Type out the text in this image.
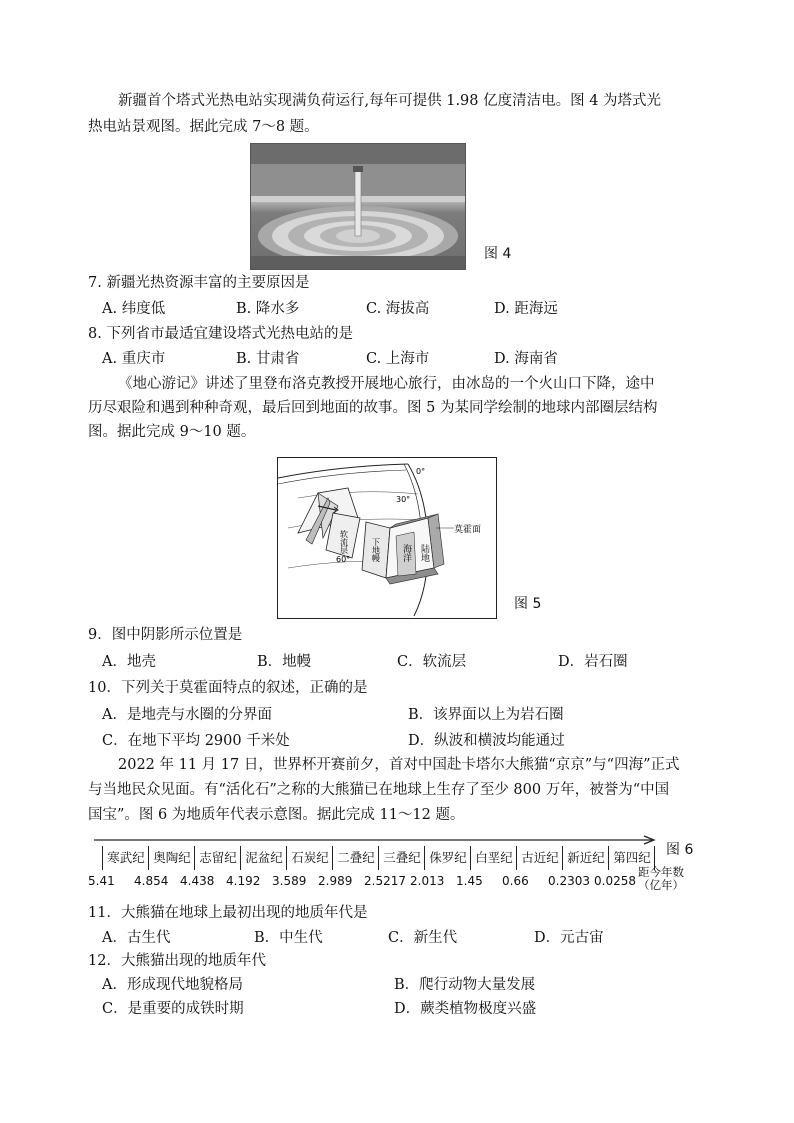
新疆首个塔式光热电站实现满负荷运行,每年可提供 1.98 亿度清洁电。图 4 为塔式光
热电站景观图。据此完成 7～8 题。
图 4
7. 新疆光热资源丰富的主要原因是
A. 纬度低	B. 降水多	C. 海拔高	D. 距海远
8. 下列省市最适宜建设塔式光热电站的是
A. 重庆市	B. 甘肃省	C. 上海市	D. 海南省
《地心游记》讲述了里登布洛克教授开展地心旅行，由冰岛的一个火山口下降，途中
历尽艰险和遇到种种奇观，最后回到地面的故事。图 5 为某同学绘制的地球内部圈层结构
图。据此完成 9～10 题。
0°
30°
60°
莫霍面
软流层	下地幔 海洋 陆地
图 5
9．图中阴影所示位置是
A．地壳	B．地幔	C．软流层	D．岩石圈
10．下列关于莫霍面特点的叙述，正确的是
A．是地壳与水圈的分界面	B．该界面以上为岩石圈
C．在地下平均 2900 千米处	D．纵波和横波均能通过
2022 年 11 月 17 日，世界杯开赛前夕，首对中国赴卡塔尔大熊猫“京京”与“四海”正式
与当地民众见面。有“活化石”之称的大熊猫已在地球上生存了至少 800 万年，被誉为“中国
国宝”。图 6 为地质年代表示意图。据此完成 11～12 题。
寒武纪 奥陶纪 志留纪 泥盆纪 石炭纪 二叠纪 三叠纪 侏罗纪 白垩纪 古近纪 新近纪 第四纪
5.41 4.854 4.438 4.192 3.589 2.989 2.5217 2.013 1.45 0.66 0.2303 0.0258
距今年数
（亿年）
图 6
11．大熊猫在地球上最初出现的地质年代是
A．古生代	B．中生代	C．新生代	D．元古宙
12．大熊猫出现的地质年代
A．形成现代地貌格局	B．爬行动物大量发展
C．是重要的成铁时期	D．蕨类植物极度兴盛
